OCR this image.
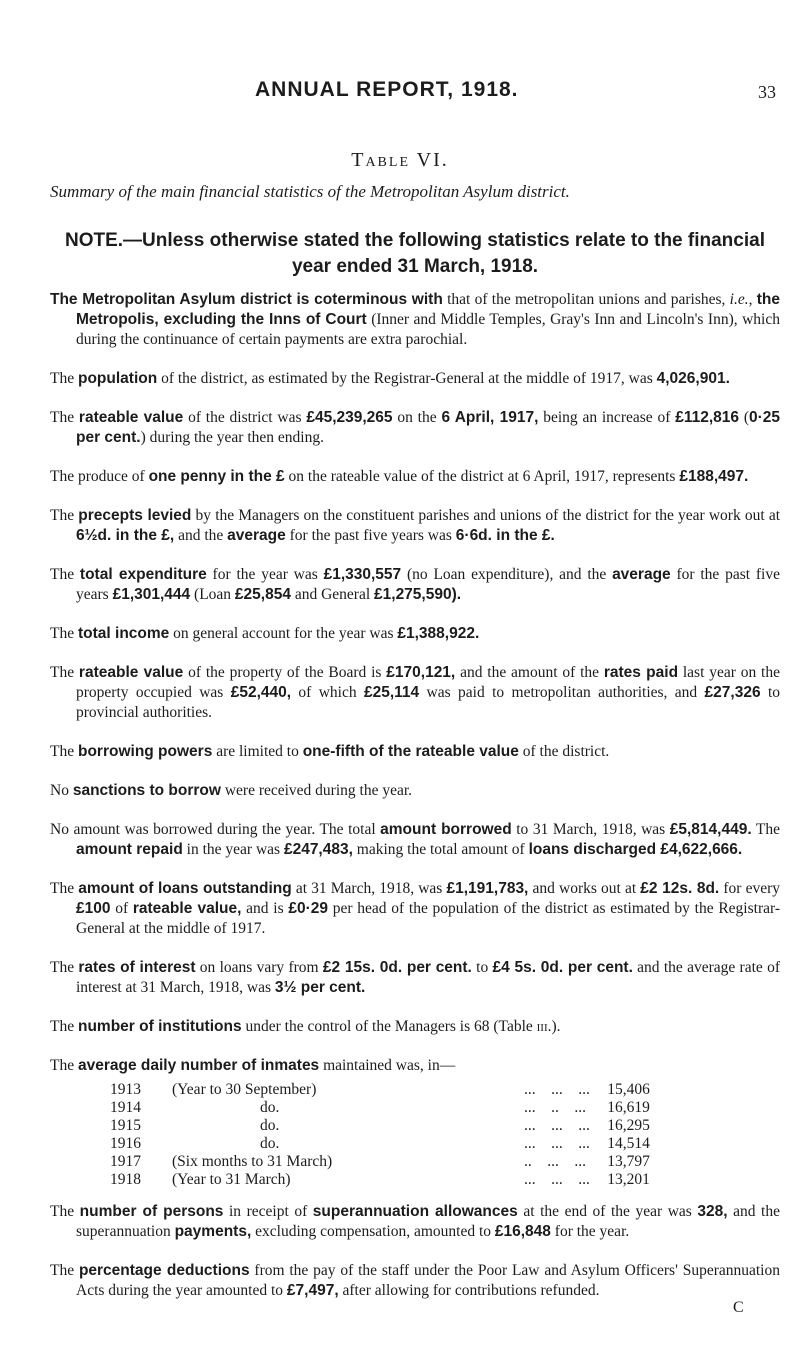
ANNUAL REPORT, 1918.	33
Table VI.
Summary of the main financial statistics of the Metropolitan Asylum district.
NOTE.—Unless otherwise stated the following statistics relate to the financial year ended 31 March, 1918.

The Metropolitan Asylum district is coterminous with that of the metropolitan unions and parishes, i.e., the Metropolis, excluding the Inns of Court (Inner and Middle Temples, Gray's Inn and Lincoln's Inn), which during the continuance of certain payments are extra parochial.

The population of the district, as estimated by the Registrar-General at the middle of 1917, was 4,026,901.

The rateable value of the district was £45,239,265 on the 6 April, 1917, being an increase of £112,816 (0·25 per cent.) during the year then ending.

The produce of one penny in the £ on the rateable value of the district at 6 April, 1917, represents £188,497.

The precepts levied by the Managers on the constituent parishes and unions of the district for the year work out at 6½d. in the £, and the average for the past five years was 6·6d. in the £.

The total expenditure for the year was £1,330,557 (no Loan expenditure), and the average for the past five years £1,301,444 (Loan £25,854 and General £1,275,590).

The total income on general account for the year was £1,388,922.

The rateable value of the property of the Board is £170,121, and the amount of the rates paid last year on the property occupied was £52,440, of which £25,114 was paid to metropolitan authorities, and £27,326 to provincial authorities.

The borrowing powers are limited to one-fifth of the rateable value of the district.

No sanctions to borrow were received during the year.

No amount was borrowed during the year. The total amount borrowed to 31 March, 1918, was £5,814,449. The amount repaid in the year was £247,483, making the total amount of loans discharged £4,622,666.

The amount of loans outstanding at 31 March, 1918, was £1,191,783, and works out at £2 12s. 8d. for every £100 of rateable value, and is £0·29 per head of the population of the district as estimated by the Registrar-General at the middle of 1917.

The rates of interest on loans vary from £2 15s. 0d. per cent. to £4 5s. 0d. per cent. and the average rate of interest at 31 March, 1918, was 3½ per cent.

The number of institutions under the control of the Managers is 68 (Table iii.).

The average daily number of inmates maintained was, in—

1913	(Year to 30 September)	...    ...    ...	15,406
1914	do.	...    ..    ...	16,619
1915	do.	...    ...    ...	16,295
1916	do.	...    ...    ...	14,514
1917	(Six months to 31 March)	..    ...    ...	13,797
1918	(Year to 31 March)	...    ...    ...	13,201

The number of persons in receipt of superannuation allowances at the end of the year was 328, and the superannuation payments, excluding compensation, amounted to £16,848 for the year.

The percentage deductions from the pay of the staff under the Poor Law and Asylum Officers' Superannuation Acts during the year amounted to £7,497, after allowing for contributions refunded.

C
